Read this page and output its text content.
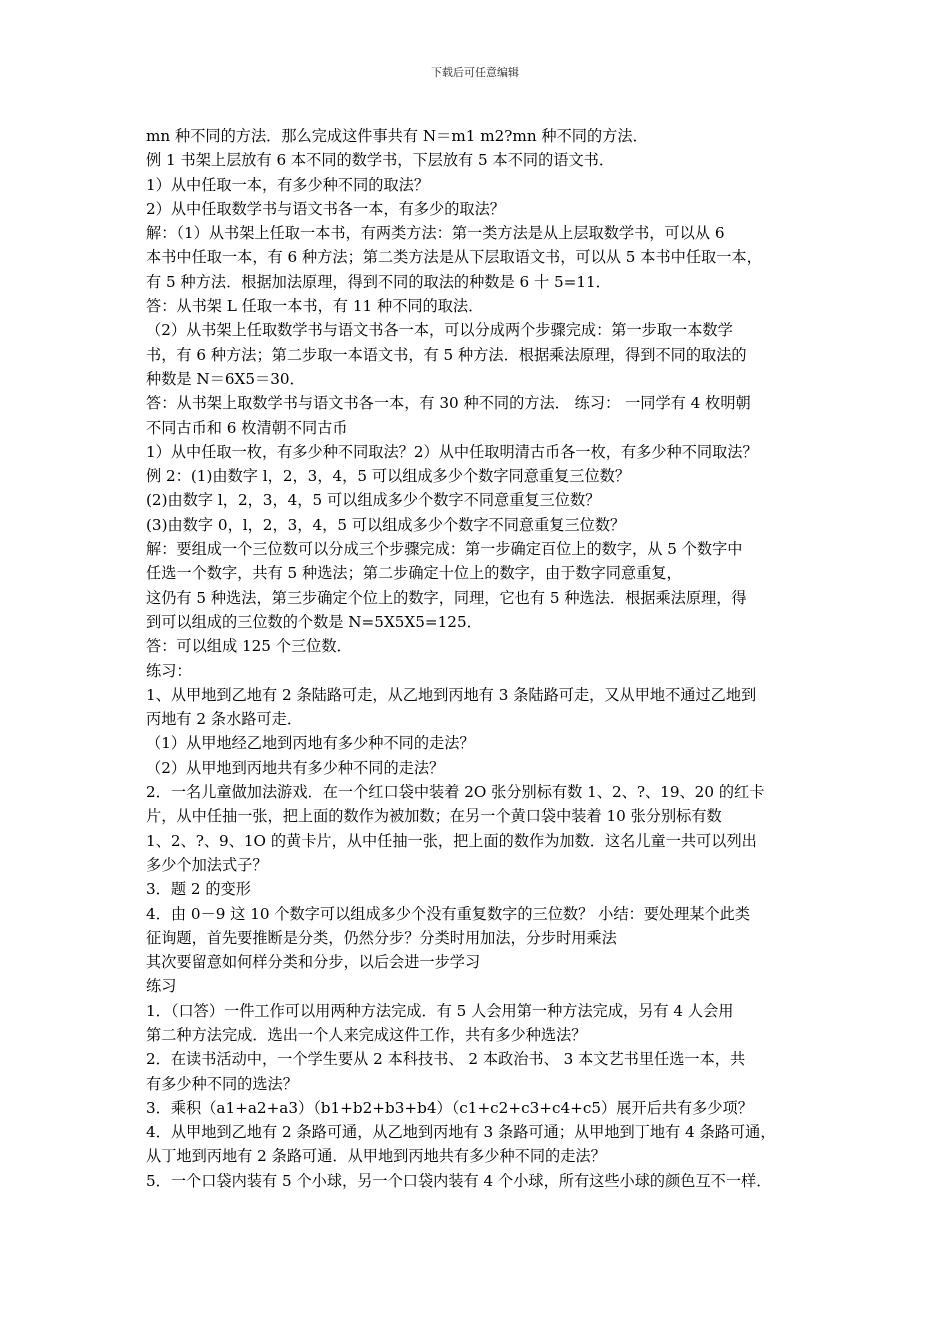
下载后可任意编辑
mn 种不同的方法．那么完成这件事共有 N＝m1 m2?mn 种不同的方法．
例 1 书架上层放有 6 本不同的数学书，下层放有 5 本不同的语文书．
1）从中任取一本，有多少种不同的取法？
2）从中任取数学书与语文书各一本，有多少的取法？
解：（1）从书架上任取一本书，有两类方法：第一类方法是从上层取数学书，可以从 6
本书中任取一本，有 6 种方法；第二类方法是从下层取语文书，可以从 5 本书中任取一本，
有 5 种方法．根据加法原理，得到不同的取法的种数是 6 十 5=11．
答：从书架 L 任取一本书，有 11 种不同的取法．
（2）从书架上任取数学书与语文书各一本，可以分成两个步骤完成：第一步取一本数学
书，有 6 种方法；第二步取一本语文书，有 5 种方法．根据乘法原理，得到不同的取法的
种数是 N＝6X5＝30．
答：从书架上取数学书与语文书各一本，有 30 种不同的方法． 练习： 一同学有 4 枚明朝
不同古币和 6 枚清朝不同古币
1）从中任取一枚，有多少种不同取法？2）从中任取明清古币各一枚，有多少种不同取法？
例 2：(1)由数字 l，2，3，4，5 可以组成多少个数字同意重复三位数？
(2)由数字 l，2，3，4，5 可以组成多少个数字不同意重复三位数？
(3)由数字 0，l，2，3，4，5 可以组成多少个数字不同意重复三位数？
解：要组成一个三位数可以分成三个步骤完成：第一步确定百位上的数字，从 5 个数字中
任选一个数字，共有 5 种选法；第二步确定十位上的数字，由于数字同意重复，
这仍有 5 种选法，第三步确定个位上的数字，同理，它也有 5 种选法．根据乘法原理，得
到可以组成的三位数的个数是 N=5X5X5=125．
答：可以组成 125 个三位数．
练习：
1、从甲地到乙地有 2 条陆路可走，从乙地到丙地有 3 条陆路可走，又从甲地不通过乙地到
丙地有 2 条水路可走．
（1）从甲地经乙地到丙地有多少种不同的走法？
（2）从甲地到丙地共有多少种不同的走法？
2．一名儿童做加法游戏．在一个红口袋中装着 2O 张分别标有数 1、2、?、19、20 的红卡
片，从中任抽一张，把上面的数作为被加数；在另一个黄口袋中装着 10 张分别标有数
1、2、?、9、1O 的黄卡片，从中任抽一张，把上面的数作为加数．这名儿童一共可以列出
多少个加法式子？
3．题 2 的变形
4．由 0－9 这 10 个数字可以组成多少个没有重复数字的三位数？ 小结：要处理某个此类
征询题，首先要推断是分类，仍然分步？分类时用加法，分步时用乘法
其次要留意如何样分类和分步，以后会进一步学习
练习
1．（口答）一件工作可以用两种方法完成．有 5 人会用第一种方法完成，另有 4 人会用
第二种方法完成．选出一个人来完成这件工作，共有多少种选法？
2．在读书活动中，一个学生要从 2 本科技书、 2 本政治书、 3 本文艺书里任选一本，共
有多少种不同的选法？
3．乘积（a1+a2+a3）（b1+b2+b3+b4）（c1+c2+c3+c4+c5）展开后共有多少项？
4．从甲地到乙地有 2 条路可通，从乙地到丙地有 3 条路可通；从甲地到丁地有 4 条路可通，
从丁地到丙地有 2 条路可通．从甲地到丙地共有多少种不同的走法？
5．一个口袋内装有 5 个小球，另一个口袋内装有 4 个小球，所有这些小球的颜色互不一样．
